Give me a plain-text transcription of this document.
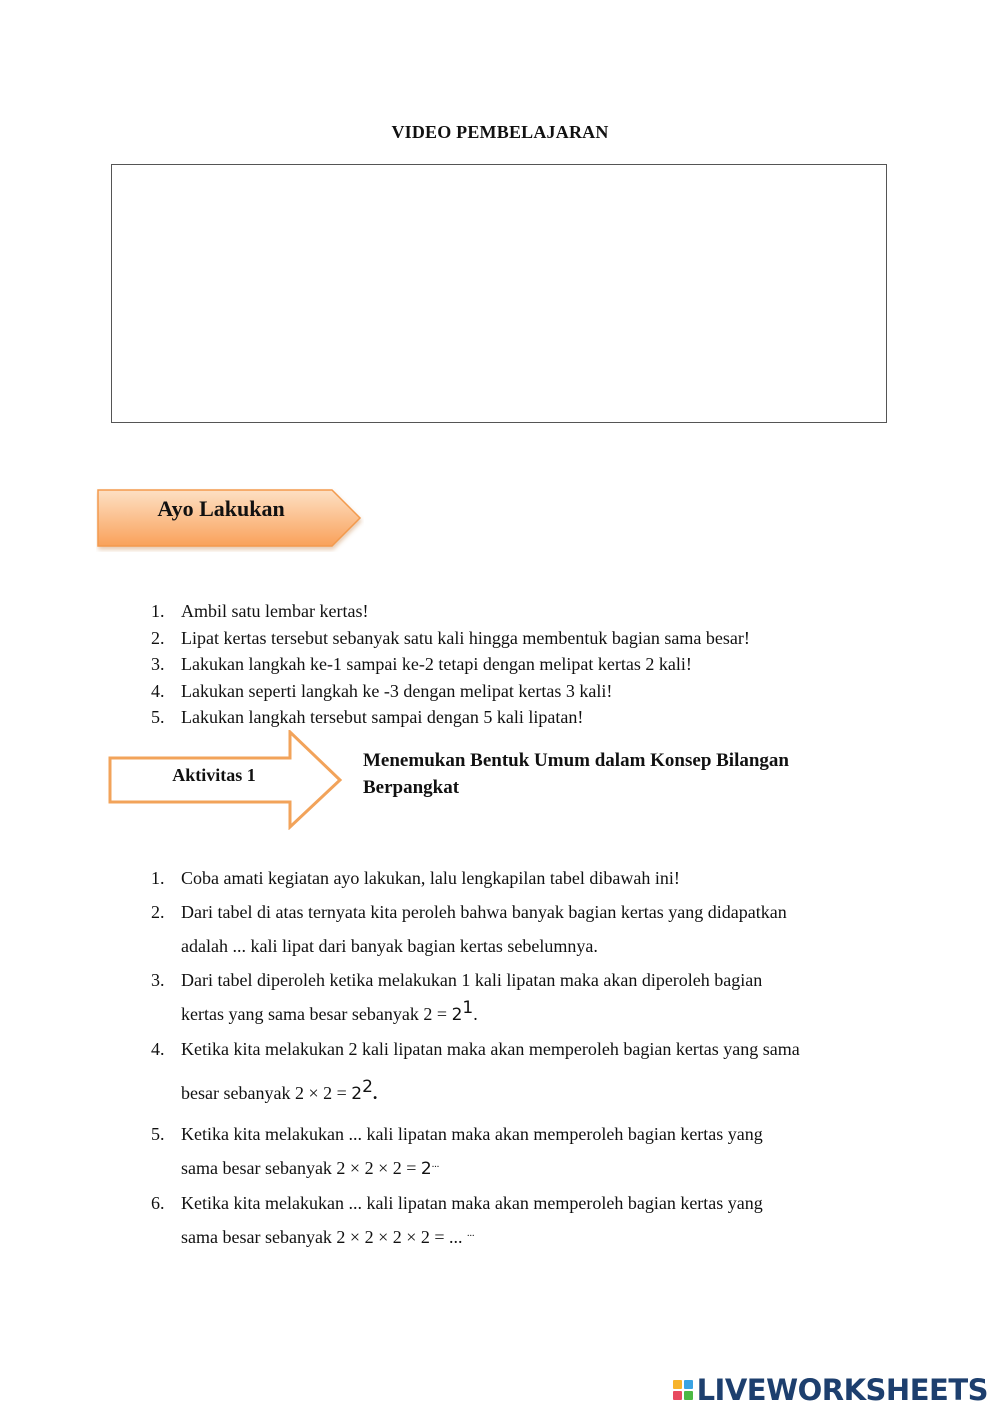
VIDEO PEMBELAJARAN
Ayo Lakukan
1. Ambil satu lembar kertas!
2. Lipat kertas tersebut sebanyak satu kali hingga membentuk bagian sama besar!
3. Lakukan langkah ke-1 sampai ke-2 tetapi dengan melipat kertas 2 kali!
4. Lakukan seperti langkah ke -3 dengan melipat kertas 3 kali!
5. Lakukan langkah tersebut sampai dengan 5 kali lipatan!
Aktivitas 1
Menemukan Bentuk Umum dalam Konsep Bilangan Berpangkat
1. Coba amati kegiatan ayo lakukan, lalu lengkapilan tabel dibawah ini!
2. Dari tabel di atas ternyata kita peroleh bahwa banyak bagian kertas yang didapatkan
adalah ... kali lipat dari banyak bagian kertas sebelumnya.
3. Dari tabel diperoleh ketika melakukan 1 kali lipatan maka akan diperoleh bagian
kertas yang sama besar sebanyak $2 = 2^1$.
4. Ketika kita melakukan 2 kali lipatan maka akan memperoleh bagian kertas yang sama
besar sebanyak $2 \times 2 = 2^2$.
5. Ketika kita melakukan ... kali lipatan maka akan memperoleh bagian kertas yang
sama besar sebanyak 2 × 2 × 2 = 2...
6. Ketika kita melakukan ... kali lipatan maka akan memperoleh bagian kertas yang
sama besar sebanyak 2 × 2 × 2 × 2 = ... ...
LIVEWORKSHEETS
